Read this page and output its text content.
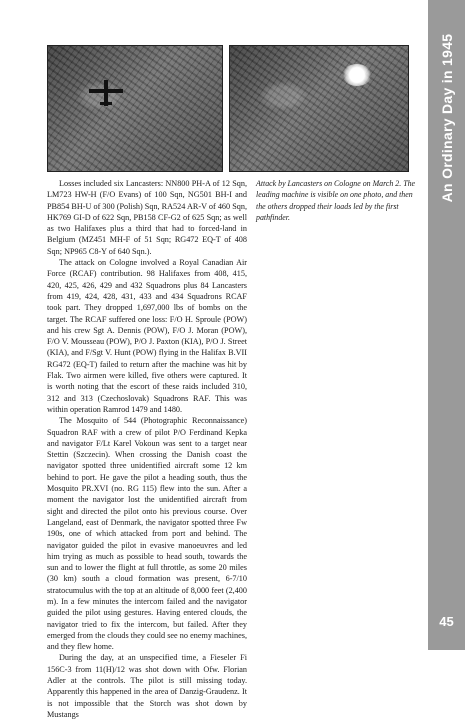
Losses included six Lancasters: NN800 PH-A of 12 Sqn, LM723 HW-H (F/O Evans) of 100 Sqn, NG501 BH-I and PB854 BH-U of 300 (Polish) Sqn, RA524 AR-V of 460 Sqn, HK769 GI-D of 622 Sqn, PB158 CF-G2 of 625 Sqn; as well as two Halifaxes plus a third that had to forced-land in Belgium (MZ451 MH-F of 51 Sqn; RG472 EQ-T of 408 Sqn; NP965 C8-Y of 640 Sqn.).

The attack on Cologne involved a Royal Canadian Air Force (RCAF) contribution. 98 Halifaxes from 408, 415, 420, 425, 426, 429 and 432 Squadrons plus 84 Lancasters from 419, 424, 428, 431, 433 and 434 Squadrons RCAF took part. They dropped 1,697,000 lbs of bombs on the target. The RCAF suffered one loss: F/O H. Sproule (POW) and his crew Sgt A. Dennis (POW), F/O J. Moran (POW), F/O V. Mousseau (POW), P/O J. Paxton (KIA), P/O J. Street (KIA), and F/Sgt V. Hunt (POW) flying in the Halifax B.VII RG472 (EQ-T) failed to return after the machine was hit by Flak. Two airmen were killed, five others were captured. It is worth noting that the escort of these raids included 310, 312 and 313 (Czechoslovak) Squadrons RAF. This was within operation Ramrod 1479 and 1480.

The Mosquito of 544 (Photographic Reconnaissance) Squadron RAF with a crew of pilot P/O Ferdinand Kepka and navigator F/Lt Karel Vokoun was sent to a target near Stettin (Szczecin). When crossing the Danish coast the navigator spotted three unidentified aircraft some 12 km behind to port. He gave the pilot a heading south, thus the Mosquito PR.XVI (no. RG 115) flew into the sun. After a moment the navigator lost the unidentified aircraft from sight and directed the pilot onto his previous course. Over Langeland, east of Denmark, the navigator spotted three Fw 190s, one of which attacked from port and behind. The navigator guided the pilot in evasive manoeuvres and led him trying as much as possible to head south, towards the sun and to lower the flight at full throttle, as some 20 miles (30 km) south a cloud formation was present, 6-7/10 stratocumulus with the top at an altitude of 8,000 feet (2,400 m). In a few minutes the intercom failed and the navigator guided the pilot using gestures. Having entered clouds, the navigator tried to fix the intercom, but failed. After they emerged from the clouds they could see no enemy machines, and they flew home.

During the day, at an unspecified time, a Fieseler Fi 156C-3 from 11(H)/12 was shot down with Ofw. Florian Adler at the controls. The pilot is still missing today. Apparently this happened in the area of Danzig-Graudenz. It is not impossible that the Storch was shot down by Mustangs

Attack by Lancasters on Cologne on March 2. The leading machine is visible on one photo, and then the others dropped their loads led by the first pathfinder.
An Ordinary Day in 1945
45
